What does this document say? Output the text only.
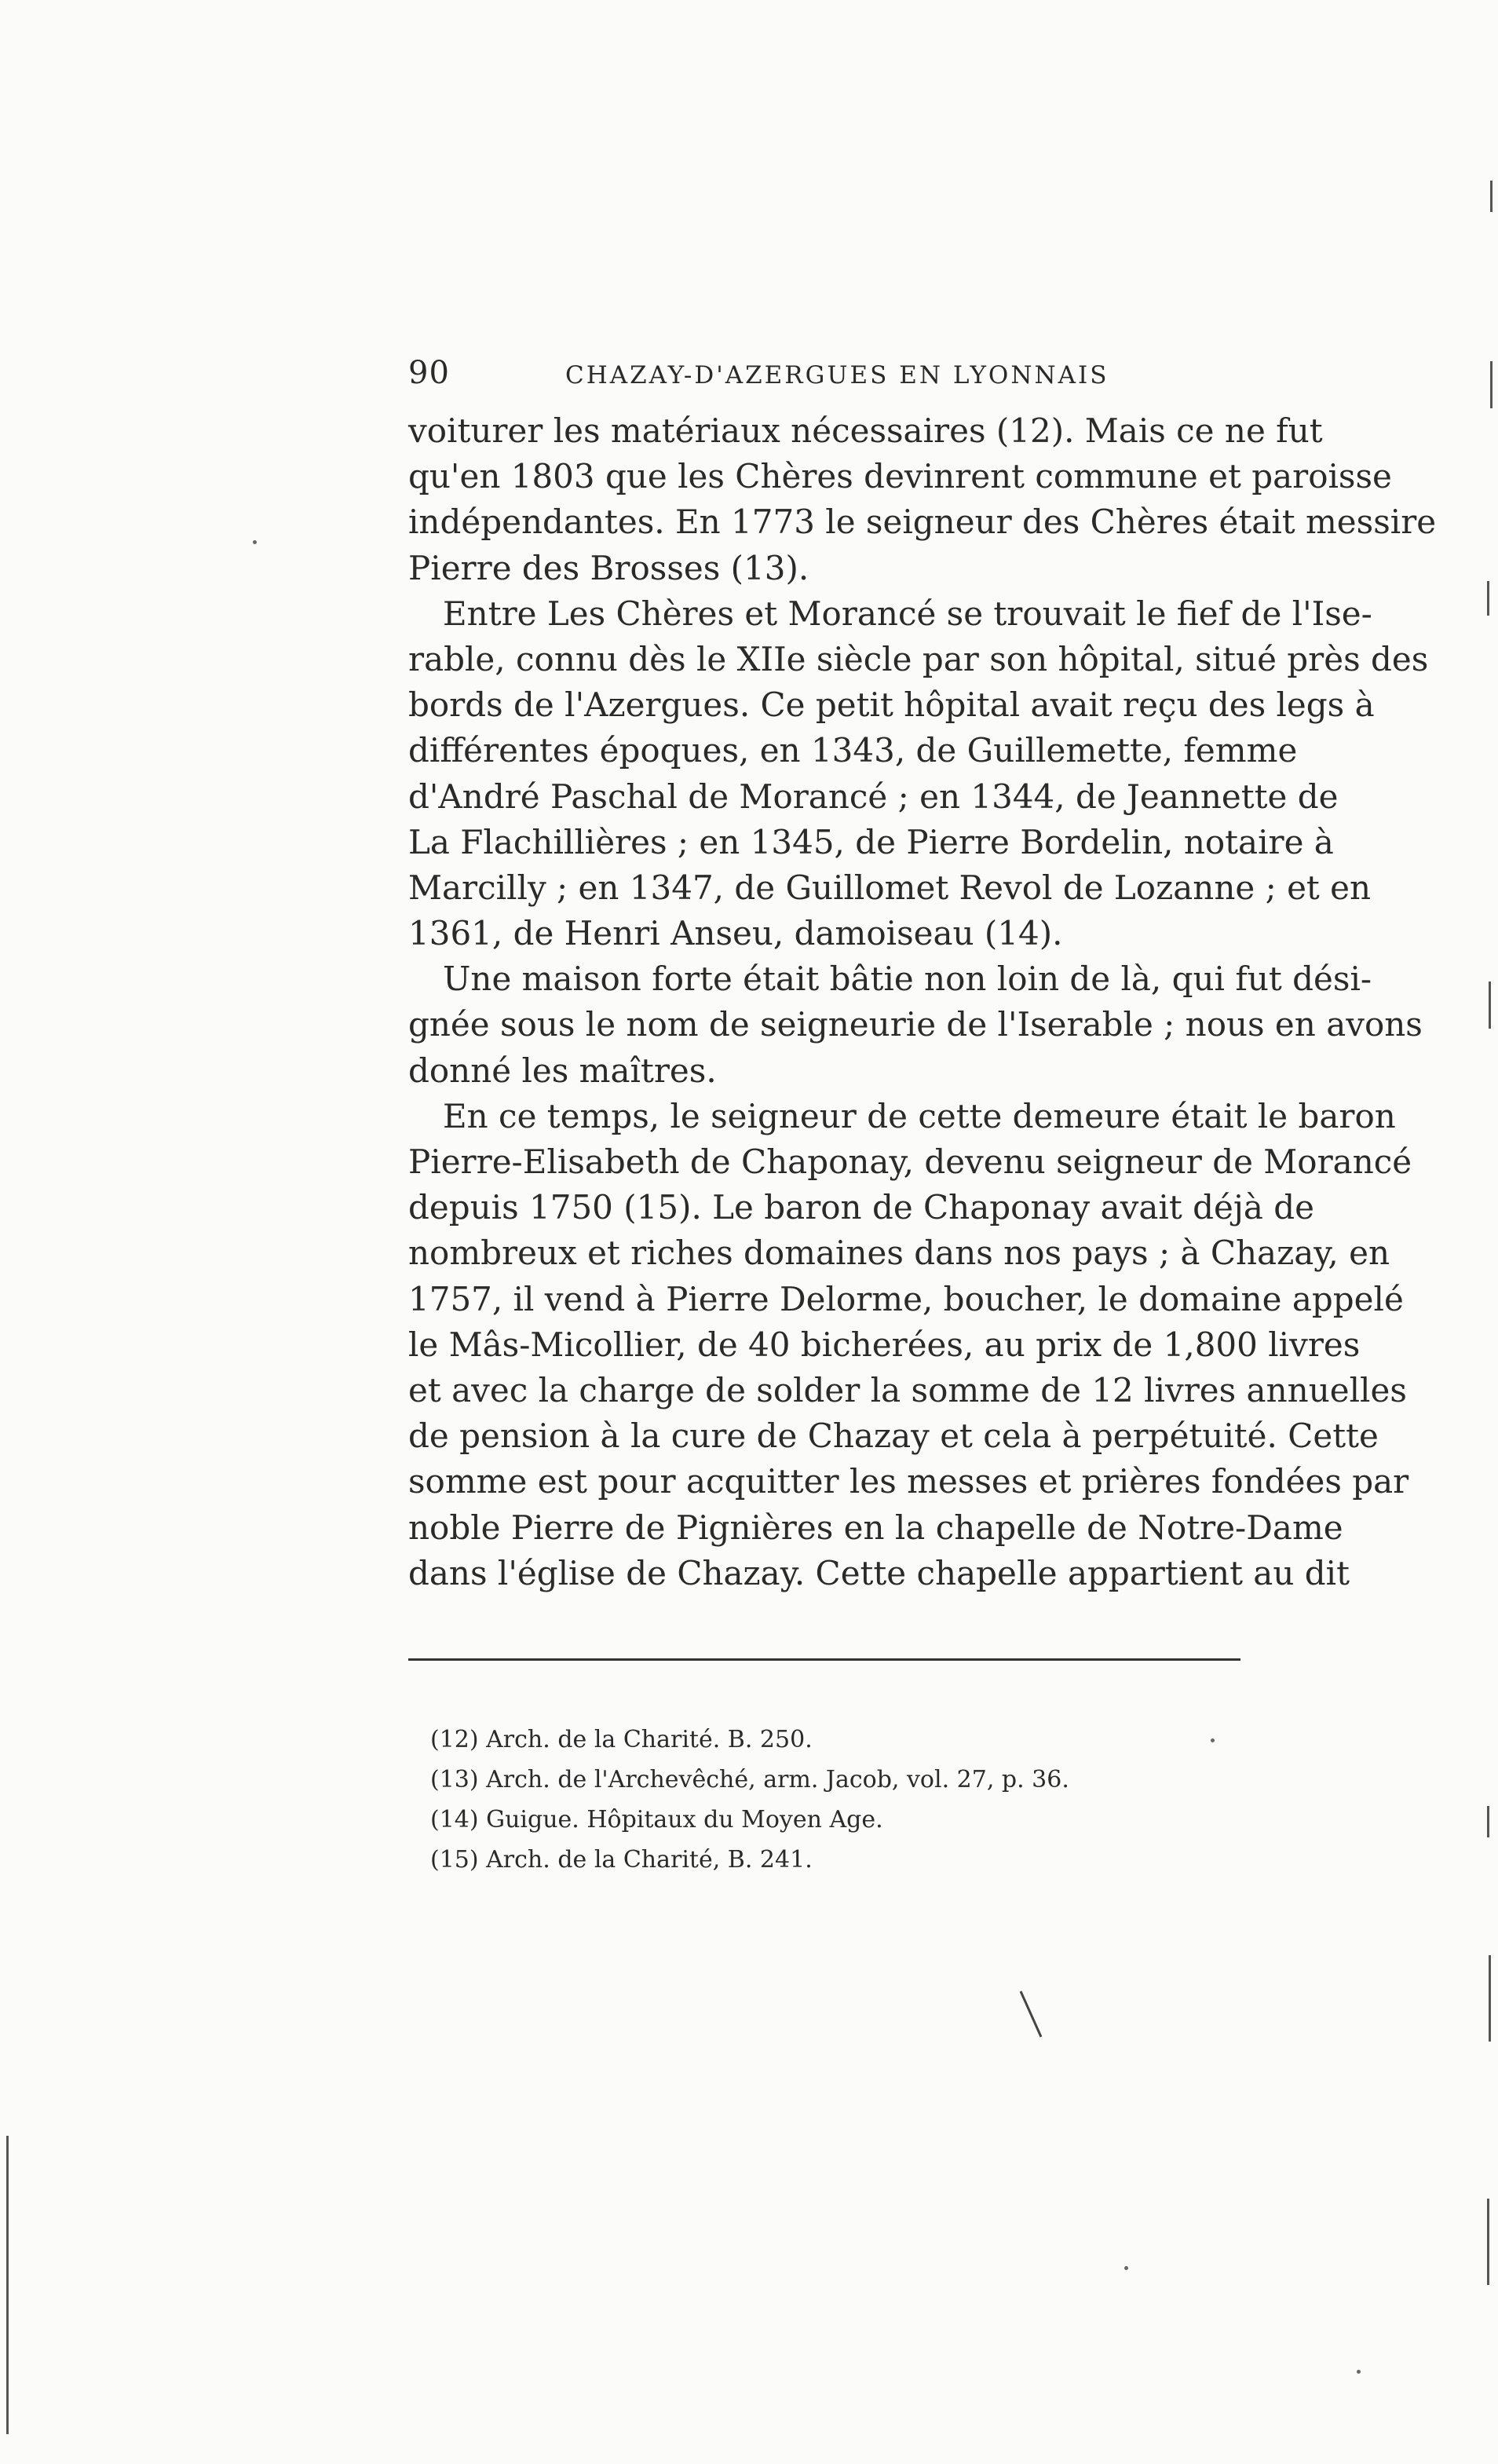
90	CHAZAY-D'AZERGUES EN LYONNAIS
voiturer les matériaux nécessaires (12). Mais ce ne fut
qu'en 1803 que les Chères devinrent commune et paroisse
indépendantes. En 1773 le seigneur des Chères était messire
Pierre des Brosses (13).
Entre Les Chères et Morancé se trouvait le fief de l'Ise-
rable, connu dès le XIIe siècle par son hôpital, situé près des
bords de l'Azergues. Ce petit hôpital avait reçu des legs à
différentes époques, en 1343, de Guillemette, femme
d'André Paschal de Morancé ; en 1344, de Jeannette de
La Flachillières ; en 1345, de Pierre Bordelin, notaire à
Marcilly ; en 1347, de Guillomet Revol de Lozanne ; et en
1361, de Henri Anseu, damoiseau (14).
Une maison forte était bâtie non loin de là, qui fut dési-
gnée sous le nom de seigneurie de l'Iserable ; nous en avons
donné les maîtres.
En ce temps, le seigneur de cette demeure était le baron
Pierre-Elisabeth de Chaponay, devenu seigneur de Morancé
depuis 1750 (15). Le baron de Chaponay avait déjà de
nombreux et riches domaines dans nos pays ; à Chazay, en
1757, il vend à Pierre Delorme, boucher, le domaine appelé
le Mâs-Micollier, de 40 bicherées, au prix de 1,800 livres
et avec la charge de solder la somme de 12 livres annuelles
de pension à la cure de Chazay et cela à perpétuité. Cette
somme est pour acquitter les messes et prières fondées par
noble Pierre de Pignières en la chapelle de Notre-Dame
dans l'église de Chazay. Cette chapelle appartient au dit
(12) Arch. de la Charité. B. 250.
(13) Arch. de l'Archevêché, arm. Jacob, vol. 27, p. 36.
(14) Guigue. Hôpitaux du Moyen Age.
(15) Arch. de la Charité, B. 241.
